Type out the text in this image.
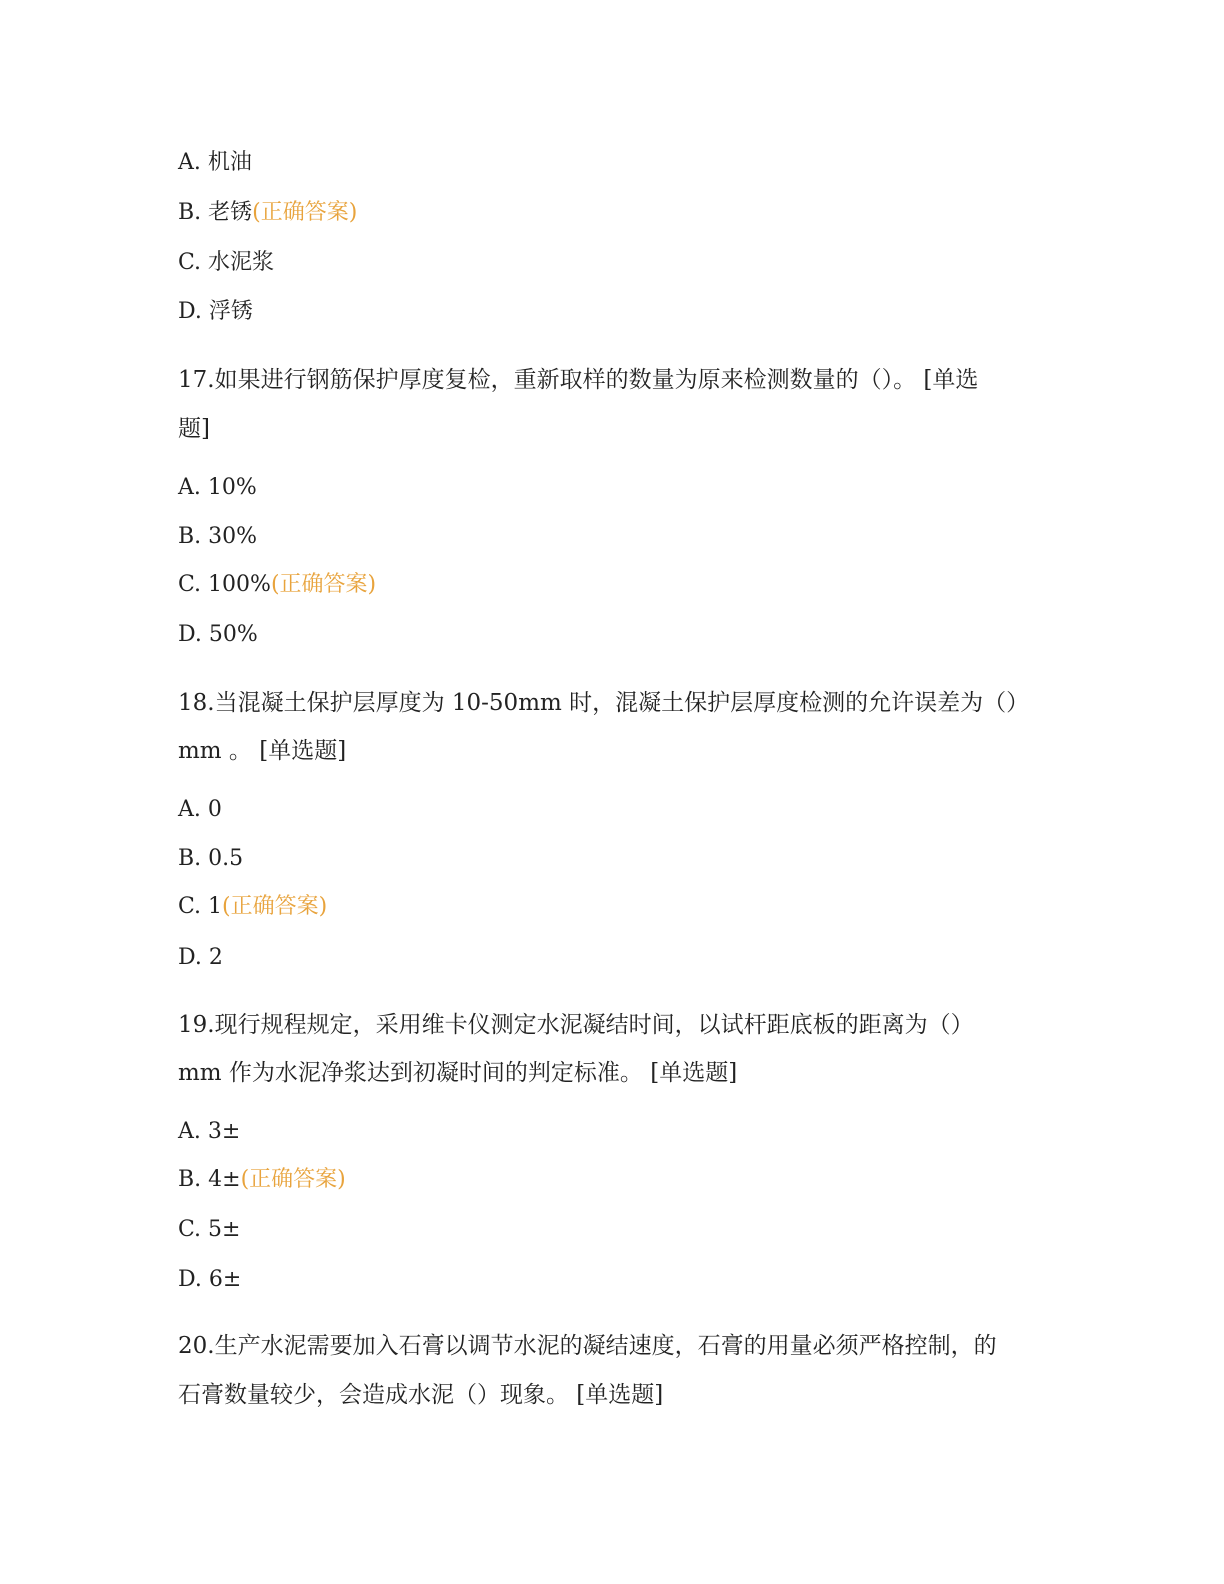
A. 机油
B. 老锈(正确答案)
C. 水泥浆
D. 浮锈
17.如果进行钢筋保护厚度复检，重新取样的数量为原来检测数量的（）。 [单选
题]
A. 10%
B. 30%
C. 100%(正确答案)
D. 50%
18.当混凝土保护层厚度为 10-50mm 时，混凝土保护层厚度检测的允许误差为（）
mm 。 [单选题]
A. 0
B. 0.5
C. 1(正确答案)
D. 2
19.现行规程规定，采用维卡仪测定水泥凝结时间，以试杆距底板的距离为（）
mm 作为水泥净浆达到初凝时间的判定标准。 [单选题]
A. 3±
B. 4±(正确答案)
C. 5±
D. 6±
20.生产水泥需要加入石膏以调节水泥的凝结速度，石膏的用量必须严格控制，的
石膏数量较少，会造成水泥（）现象。 [单选题]
